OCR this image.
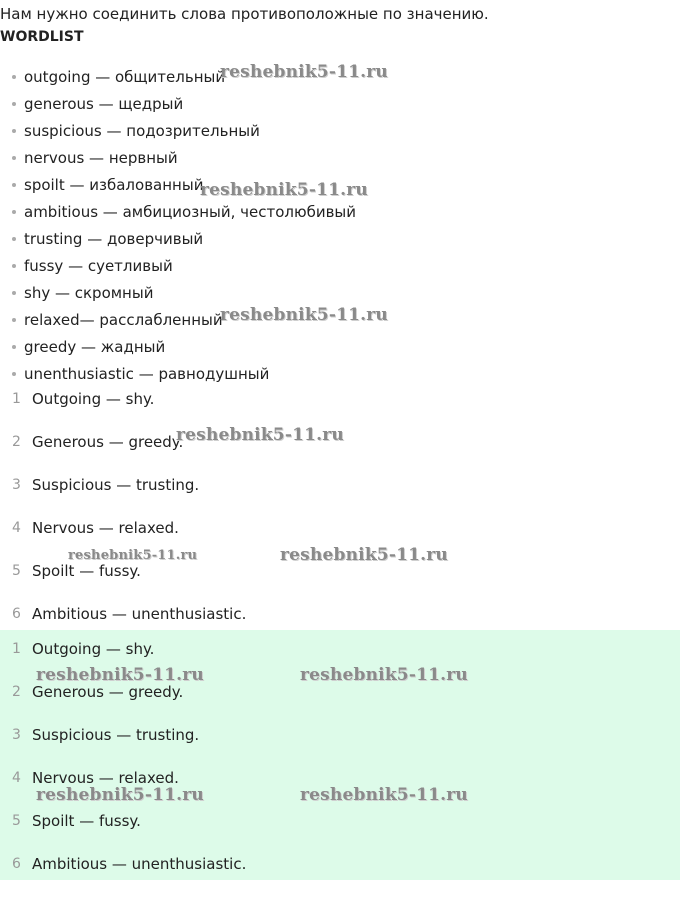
Нам нужно соединить слова противоположные по значению.
WORDLIST
outgoing — общительный
generous — щедрый
suspicious — подозрительный
nervous — нервный
spoilt — избалованный
ambitious — амбициозный, честолюбивый
trusting — доверчивый
fussy — суетливый
shy — скромный
relaxed— расслабленный
greedy — жадный
unenthusiastic — равнодушный
1 Outgoing — shy.
2 Generous — greedy.
3 Suspicious — trusting.
4 Nervous — relaxed.
5 Spoilt — fussy.
6 Ambitious — unenthusiastic.
1 Outgoing — shy.
2 Generous — greedy.
3 Suspicious — trusting.
4 Nervous — relaxed.
5 Spoilt — fussy.
6 Ambitious — unenthusiastic.
reshebnik5-11.ru
reshebnik5-11.ru
reshebnik5-11.ru
reshebnik5-11.ru
reshebnik5-11.ru	reshebnik5-11.ru
reshebnik5-11.ru	reshebnik5-11.ru
reshebnik5-11.ru	reshebnik5-11.ru
